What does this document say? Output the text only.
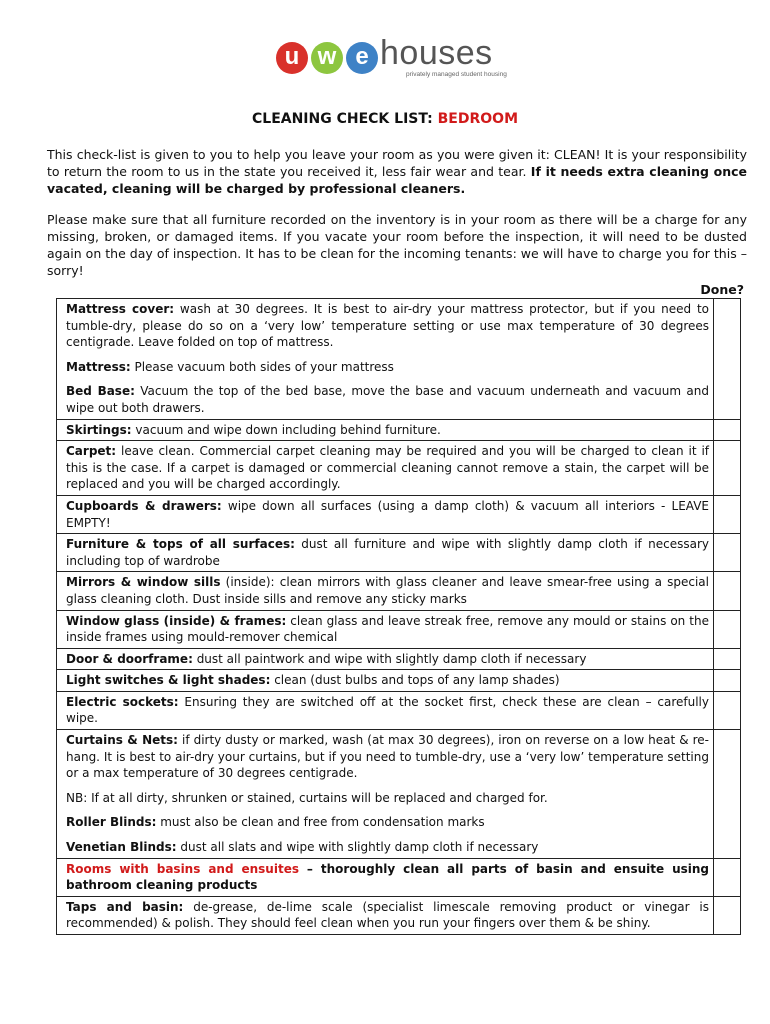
u w e houses
privately managed student housing
CLEANING CHECK LIST: BEDROOM

This check-list is given to you to help you leave your room as you were given it: CLEAN! It is your responsibility to return the room to us in the state you received it, less fair wear and tear. If it needs extra cleaning once vacated, cleaning will be charged by professional cleaners.

Please make sure that all furniture recorded on the inventory is in your room as there will be a charge for any missing, broken, or damaged items. If you vacate your room before the inspection, it will need to be dusted again on the day of inspection. It has to be clean for the incoming tenants: we will have to charge you for this – sorry!

Done?

Mattress cover: wash at 30 degrees. It is best to air-dry your mattress protector, but if you need to tumble-dry, please do so on a ‘very low’ temperature setting or use max temperature of 30 degrees centigrade. Leave folded on top of mattress.

Mattress: Please vacuum both sides of your mattress

Bed Base: Vacuum the top of the bed base, move the base and vacuum underneath and vacuum and wipe out both drawers.	

Skirtings: vacuum and wipe down including behind furniture.	

Carpet: leave clean. Commercial carpet cleaning may be required and you will be charged to clean it if this is the case. If a carpet is damaged or commercial cleaning cannot remove a stain, the carpet will be replaced and you will be charged accordingly.	

Cupboards & drawers: wipe down all surfaces (using a damp cloth) & vacuum all interiors - LEAVE EMPTY!	

Furniture & tops of all surfaces: dust all furniture and wipe with slightly damp cloth if necessary including top of wardrobe	

Mirrors & window sills (inside): clean mirrors with glass cleaner and leave smear-free using a special glass cleaning cloth. Dust inside sills and remove any sticky marks	

Window glass (inside) & frames: clean glass and leave streak free, remove any mould or stains on the inside frames using mould-remover chemical	

Door & doorframe: dust all paintwork and wipe with slightly damp cloth if necessary	

Light switches & light shades: clean (dust bulbs and tops of any lamp shades)	

Electric sockets: Ensuring they are switched off at the socket first, check these are clean – carefully wipe.	

Curtains & Nets: if dirty dusty or marked, wash (at max 30 degrees), iron on reverse on a low heat & re-hang. It is best to air-dry your curtains, but if you need to tumble-dry, use a ‘very low’ temperature setting or a max temperature of 30 degrees centigrade.

NB: If at all dirty, shrunken or stained, curtains will be replaced and charged for.

Roller Blinds: must also be clean and free from condensation marks

Venetian Blinds: dust all slats and wipe with slightly damp cloth if necessary	

Rooms with basins and ensuites – thoroughly clean all parts of basin and ensuite using bathroom cleaning products	

Taps and basin: de-grease, de-lime scale (specialist limescale removing product or vinegar is recommended) & polish. They should feel clean when you run your fingers over them & be shiny.	
